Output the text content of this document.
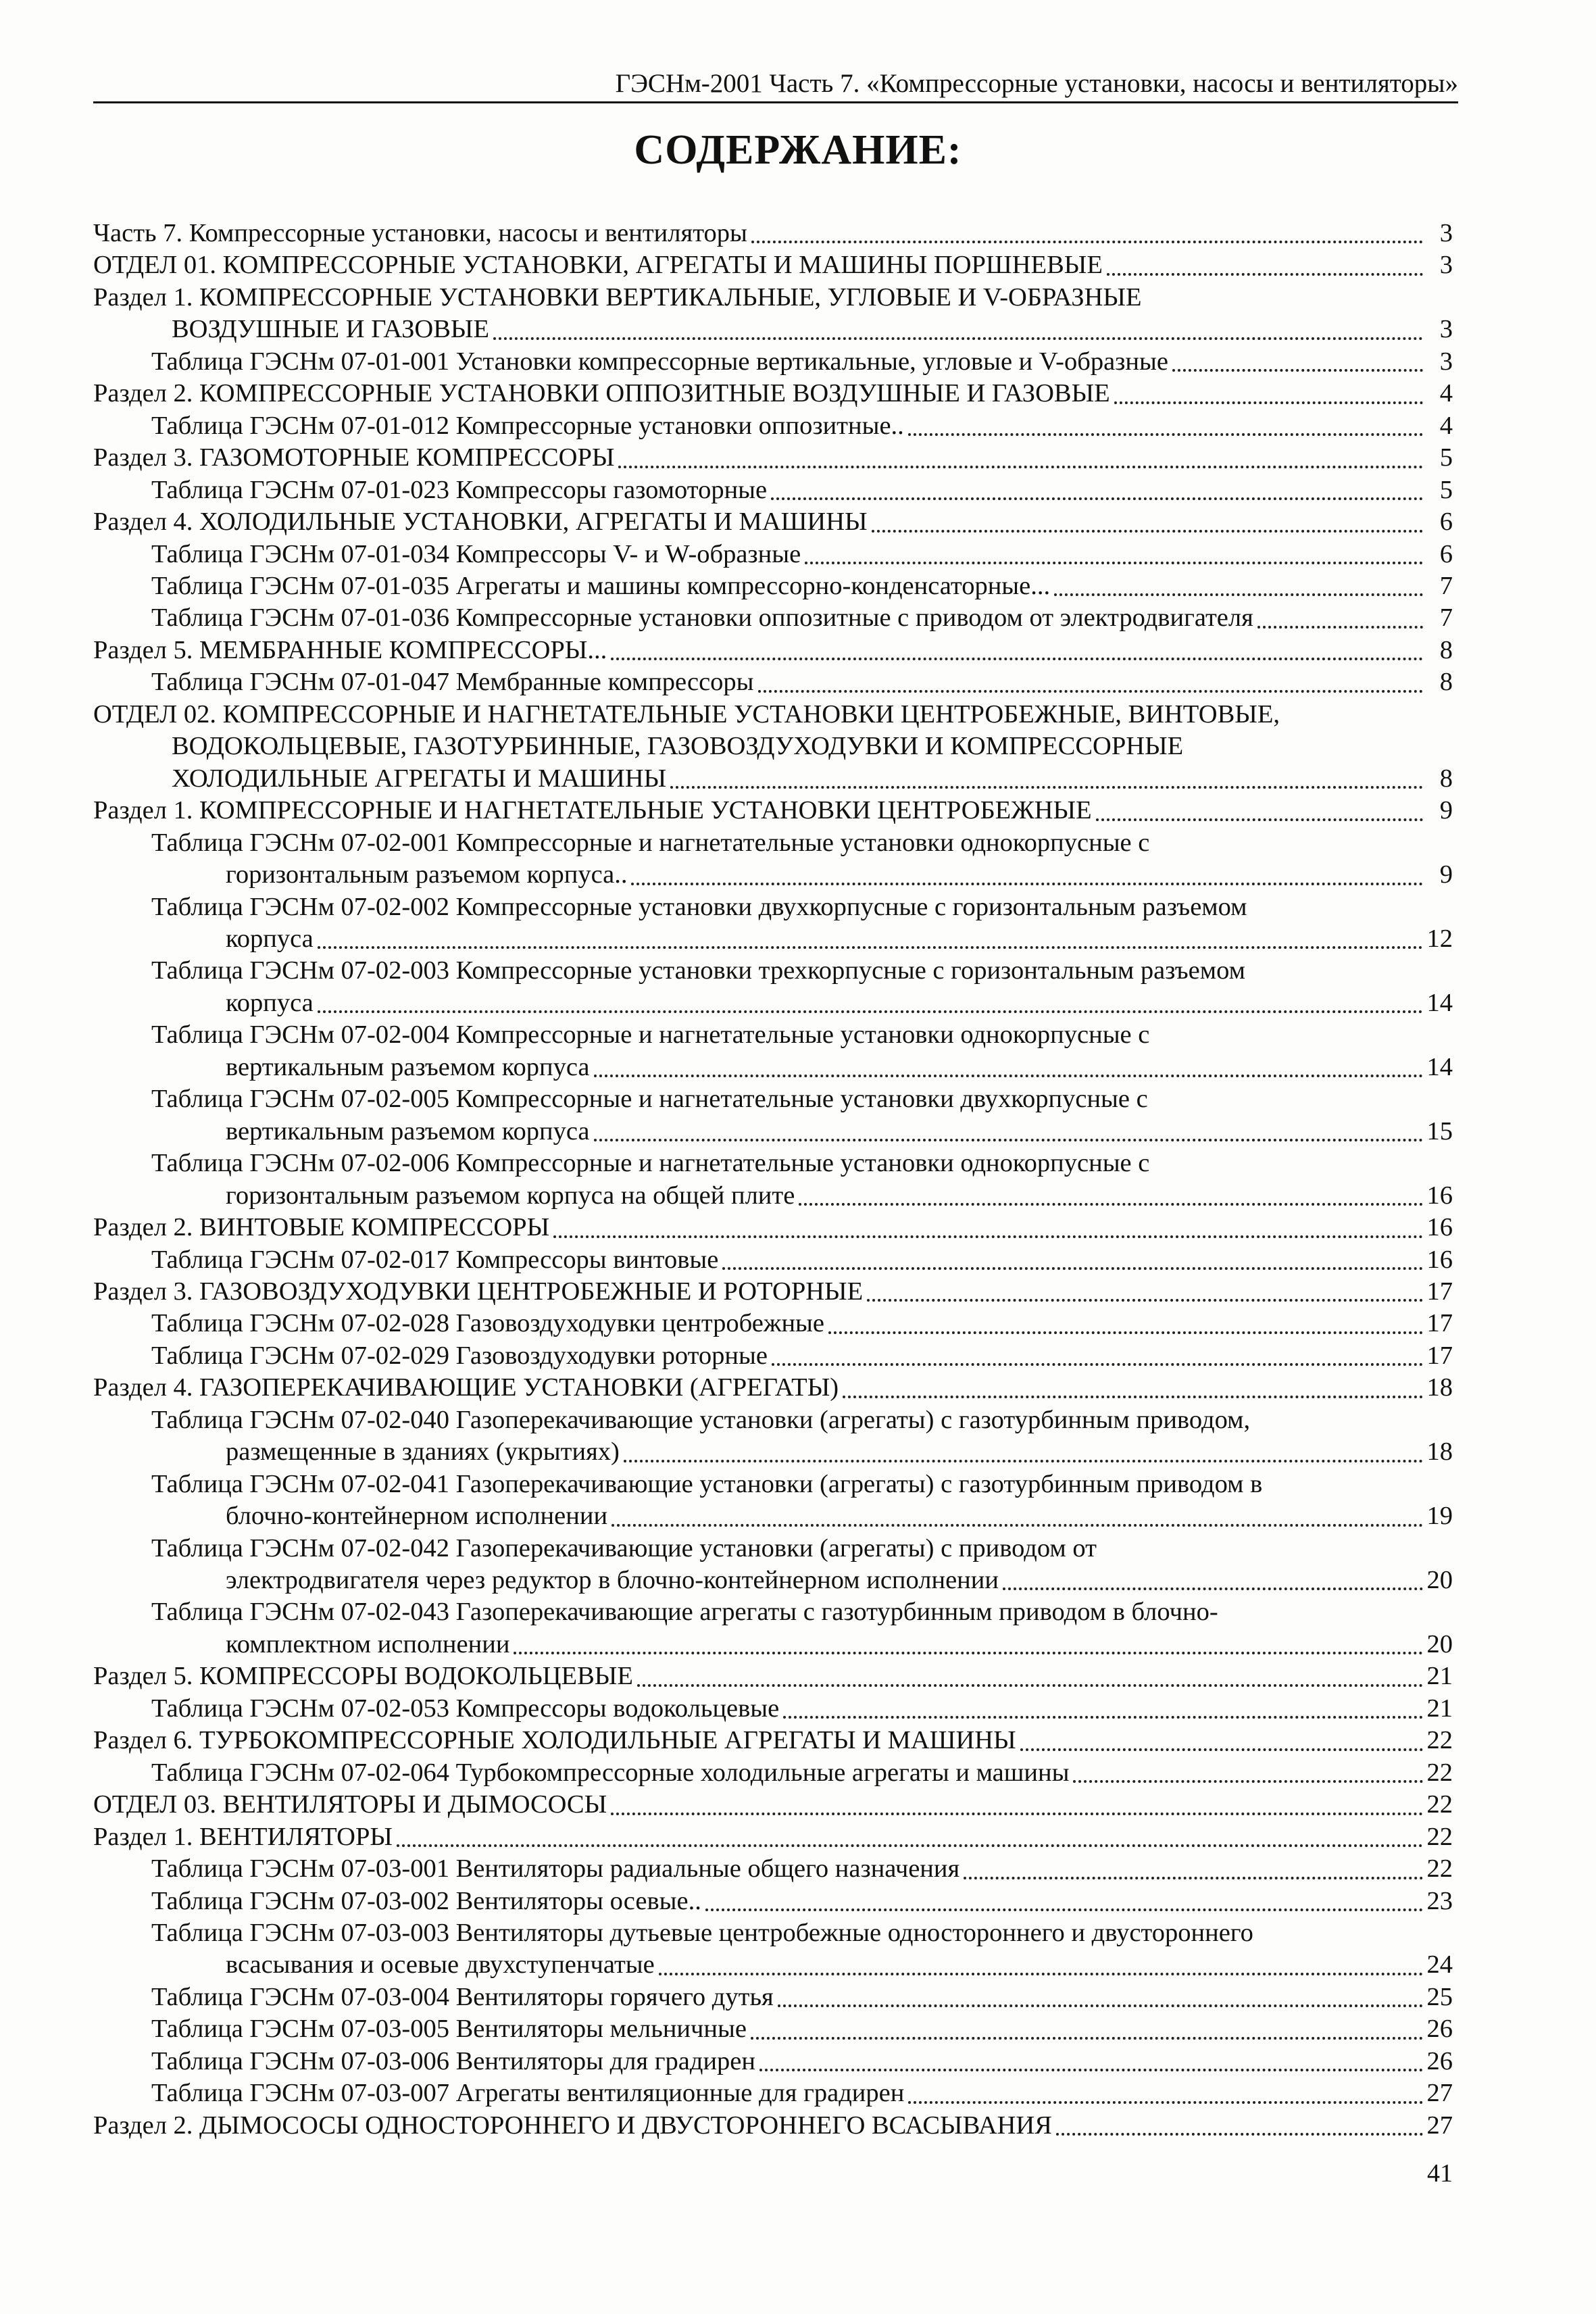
ГЭСНм-2001 Часть 7. «Компрессорные установки, насосы и вентиляторы»
СОДЕРЖАНИЕ:
Часть 7. Компрессорные установки, насосы и вентиляторы	3
ОТДЕЛ 01. КОМПРЕССОРНЫЕ УСТАНОВКИ, АГРЕГАТЫ И МАШИНЫ ПОРШНЕВЫЕ	3
Раздел 1. КОМПРЕССОРНЫЕ УСТАНОВКИ ВЕРТИКАЛЬНЫЕ, УГЛОВЫЕ И V-ОБРАЗНЫЕ
ВОЗДУШНЫЕ И ГАЗОВЫЕ	3
Таблица ГЭСНм 07-01-001 Установки компрессорные вертикальные, угловые и V-образные	3
Раздел 2. КОМПРЕССОРНЫЕ УСТАНОВКИ ОППОЗИТНЫЕ ВОЗДУШНЫЕ И ГАЗОВЫЕ	4
Таблица ГЭСНм 07-01-012 Компрессорные установки оппозитные..	4
Раздел 3. ГАЗОМОТОРНЫЕ КОМПРЕССОРЫ	5
Таблица ГЭСНм 07-01-023 Компрессоры газомоторные	5
Раздел 4. ХОЛОДИЛЬНЫЕ УСТАНОВКИ, АГРЕГАТЫ И МАШИНЫ	6
Таблица ГЭСНм 07-01-034 Компрессоры V- и W-образные	6
Таблица ГЭСНм 07-01-035 Агрегаты и машины компрессорно-конденсаторные...	7
Таблица ГЭСНм 07-01-036 Компрессорные установки оппозитные с приводом от электродвигателя	7
Раздел 5. МЕМБРАННЫЕ КОМПРЕССОРЫ...	8
Таблица ГЭСНм 07-01-047 Мембранные компрессоры	8
ОТДЕЛ 02. КОМПРЕССОРНЫЕ И НАГНЕТАТЕЛЬНЫЕ УСТАНОВКИ ЦЕНТРОБЕЖНЫЕ, ВИНТОВЫЕ,
ВОДОКОЛЬЦЕВЫЕ, ГАЗОТУРБИННЫЕ, ГАЗОВОЗДУХОДУВКИ И КОМПРЕССОРНЫЕ
ХОЛОДИЛЬНЫЕ АГРЕГАТЫ И МАШИНЫ	8
Раздел 1. КОМПРЕССОРНЫЕ И НАГНЕТАТЕЛЬНЫЕ УСТАНОВКИ ЦЕНТРОБЕЖНЫЕ	9
Таблица ГЭСНм 07-02-001 Компрессорные и нагнетательные установки однокорпусные с
горизонтальным разъемом корпуса..	9
Таблица ГЭСНм 07-02-002 Компрессорные установки двухкорпусные с горизонтальным разъемом
корпуса	12
Таблица ГЭСНм 07-02-003 Компрессорные установки трехкорпусные с горизонтальным разъемом
корпуса	14
Таблица ГЭСНм 07-02-004 Компрессорные и нагнетательные установки однокорпусные с
вертикальным разъемом корпуса	14
Таблица ГЭСНм 07-02-005 Компрессорные и нагнетательные установки двухкорпусные с
вертикальным разъемом корпуса	15
Таблица ГЭСНм 07-02-006 Компрессорные и нагнетательные установки однокорпусные с
горизонтальным разъемом корпуса на общей плите	16
Раздел 2. ВИНТОВЫЕ КОМПРЕССОРЫ	16
Таблица ГЭСНм 07-02-017 Компрессоры винтовые	16
Раздел 3. ГАЗОВОЗДУХОДУВКИ ЦЕНТРОБЕЖНЫЕ И РОТОРНЫЕ	17
Таблица ГЭСНм 07-02-028 Газовоздуходувки центробежные	17
Таблица ГЭСНм 07-02-029 Газовоздуходувки роторные	17
Раздел 4. ГАЗОПЕРЕКАЧИВАЮЩИЕ УСТАНОВКИ (АГРЕГАТЫ)	18
Таблица ГЭСНм 07-02-040 Газоперекачивающие установки (агрегаты) с газотурбинным приводом,
размещенные в зданиях (укрытиях)	18
Таблица ГЭСНм 07-02-041 Газоперекачивающие установки (агрегаты) с газотурбинным приводом в
блочно-контейнерном исполнении	19
Таблица ГЭСНм 07-02-042 Газоперекачивающие установки (агрегаты) с приводом от
электродвигателя через редуктор в блочно-контейнерном исполнении	20
Таблица ГЭСНм 07-02-043 Газоперекачивающие агрегаты с газотурбинным приводом в блочно-
комплектном исполнении	20
Раздел 5. КОМПРЕССОРЫ ВОДОКОЛЬЦЕВЫЕ	21
Таблица ГЭСНм 07-02-053 Компрессоры водокольцевые	21
Раздел 6. ТУРБОКОМПРЕССОРНЫЕ ХОЛОДИЛЬНЫЕ АГРЕГАТЫ И МАШИНЫ	22
Таблица ГЭСНм 07-02-064 Турбокомпрессорные холодильные агрегаты и машины	22
ОТДЕЛ 03. ВЕНТИЛЯТОРЫ И ДЫМОСОСЫ	22
Раздел 1. ВЕНТИЛЯТОРЫ	22
Таблица ГЭСНм 07-03-001 Вентиляторы радиальные общего назначения	22
Таблица ГЭСНм 07-03-002 Вентиляторы осевые..	23
Таблица ГЭСНм 07-03-003 Вентиляторы дутьевые центробежные одностороннего и двустороннего
всасывания и осевые двухступенчатые	24
Таблица ГЭСНм 07-03-004 Вентиляторы горячего дутья	25
Таблица ГЭСНм 07-03-005 Вентиляторы мельничные	26
Таблица ГЭСНм 07-03-006 Вентиляторы для градирен	26
Таблица ГЭСНм 07-03-007 Агрегаты вентиляционные для градирен	27
Раздел 2. ДЫМОСОСЫ ОДНОСТОРОННЕГО И ДВУСТОРОННЕГО ВСАСЫВАНИЯ	27
41
